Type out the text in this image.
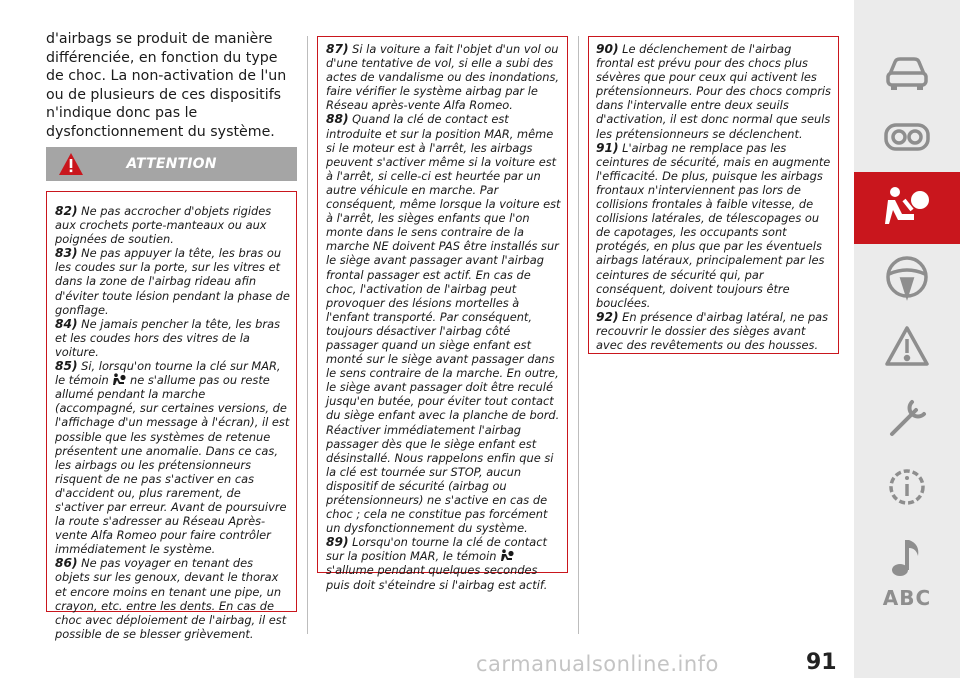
d'airbags se produit de manière différenciée, en fonction du type de choc. La non-activation de l'un ou de plusieurs de ces dispositifs n'indique donc pas le dysfonctionnement du système.
ATTENTION

82) Ne pas accrocher d'objets rigides aux crochets porte-manteaux ou aux poignées de soutien.

83) Ne pas appuyer la tête, les bras ou les coudes sur la porte, sur les vitres et dans la zone de l'airbag rideau afin d'éviter toute lésion pendant la phase de gonflage.

84) Ne jamais pencher la tête, les bras et les coudes hors des vitres de la voiture.

85) Si, lorsqu'on tourne la clé sur MAR, le témoin ne s'allume pas ou reste allumé pendant la marche (accompagné, sur certaines versions, de l'affichage d'un message à l'écran), il est possible que les systèmes de retenue présentent une anomalie. Dans ce cas, les airbags ou les prétensionneurs risquent de ne pas s'activer en cas d'accident ou, plus rarement, de s'activer par erreur. Avant de poursuivre la route s'adresser au Réseau Après-vente Alfa Romeo pour faire contrôler immédiatement le système.

86) Ne pas voyager en tenant des objets sur les genoux, devant le thorax et encore moins en tenant une pipe, un crayon, etc. entre les dents. En cas de choc avec déploiement de l'airbag, il est possible de se blesser grièvement.

87) Si la voiture a fait l'objet d'un vol ou d'une tentative de vol, si elle a subi des actes de vandalisme ou des inondations, faire vérifier le système airbag par le Réseau après-vente Alfa Romeo.

88) Quand la clé de contact est introduite et sur la position MAR, même si le moteur est à l'arrêt, les airbags peuvent s'activer même si la voiture est à l'arrêt, si celle-ci est heurtée par un autre véhicule en marche. Par conséquent, même lorsque la voiture est à l'arrêt, les sièges enfants que l'on monte dans le sens contraire de la marche NE doivent PAS être installés sur le siège avant passager avant l'airbag frontal passager est actif. En cas de choc, l'activation de l'airbag peut provoquer des lésions mortelles à l'enfant transporté. Par conséquent, toujours désactiver l'airbag côté passager quand un siège enfant est monté sur le siège avant passager dans le sens contraire de la marche. En outre, le siège avant passager doit être reculé jusqu'en butée, pour éviter tout contact du siège enfant avec la planche de bord. Réactiver immédiatement l'airbag passager dès que le siège enfant est désinstallé. Nous rappelons enfin que si la clé est tournée sur STOP, aucun dispositif de sécurité (airbag ou prétensionneurs) ne s'active en cas de choc ; cela ne constitue pas forcément un dysfonctionnement du système.

89) Lorsqu'on tourne la clé de contact sur la position MAR, le témoin  s'allume pendant quelques secondes puis doit s'éteindre si l'airbag est actif.

90) Le déclenchement de l'airbag frontal est prévu pour des chocs plus sévères que pour ceux qui activent les prétensionneurs. Pour des chocs compris dans l'intervalle entre deux seuils d'activation, il est donc normal que seuls les prétensionneurs se déclenchent.

91) L'airbag ne remplace pas les ceintures de sécurité, mais en augmente l'efficacité. De plus, puisque les airbags frontaux n'interviennent pas lors de collisions frontales à faible vitesse, de collisions latérales, de télescopages ou de capotages, les occupants sont protégés, en plus que par les éventuels airbags latéraux, principalement par les ceintures de sécurité qui, par conséquent, doivent toujours être bouclées.

92) En présence d'airbag latéral, ne pas recouvrir le dossier des sièges avant avec des revêtements ou des housses.

ABC
carmanualsonline.info	91
